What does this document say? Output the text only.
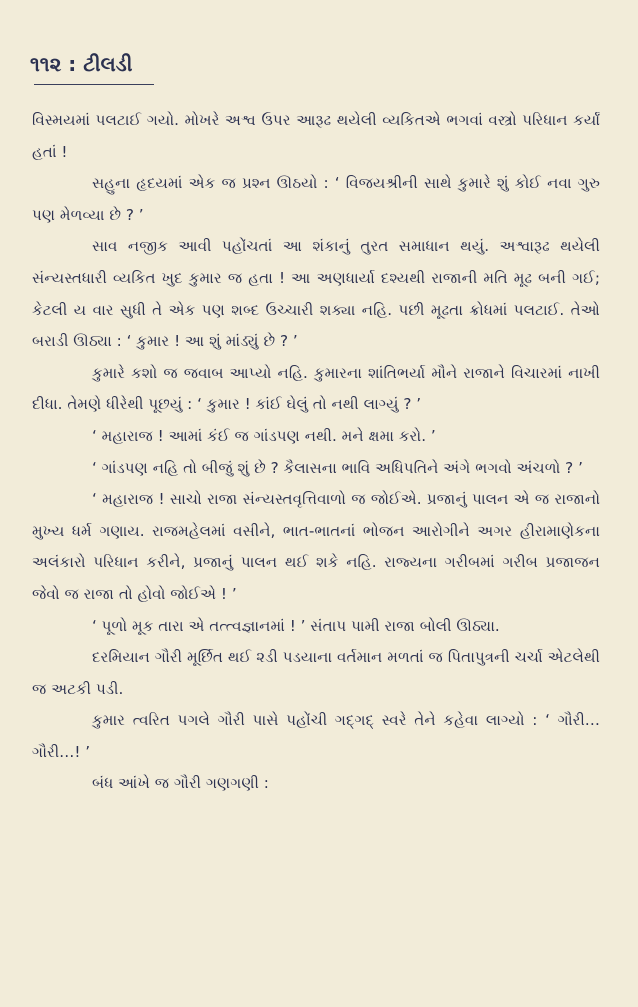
૧૧૨ : ટીલડી

વિસ્મયમાં પલટાઈ ગયો. મોખરે અશ્વ ઉપર આરૂઢ થયેલી વ્યકિતએ ભગવાં વસ્ત્રો પરિધાન કર્યાં હતાં !

સહુના હૃદયમાં એક જ પ્રશ્ન ઊઠયો : ‘ વિજયશ્રીની સાથે કુમારે શું કોઈ નવા ગુરુ પણ મેળવ્યા છે ? ’

સાવ નજીક આવી પહોંચતાં આ શંકાનું તુરત સમાધાન થયું. અશ્વારૂઢ થયેલી સંન્યસ્તધારી વ્યકિત ખુદ કુમાર જ હતા ! આ અણધાર્યા દશ્યથી રાજાની મતિ મૂઢ બની ગઈ; કેટલી ય વાર સુધી તે એક પણ શબ્દ ઉચ્ચારી શક્યા નહિ. પછી મૂઢતા ક્રોધમાં પલટાઈ. તેઓ બરાડી ઊઠ્યા : ‘ કુમાર ! આ શું માંડ્યું છે ? ’

કુમારે કશો જ જવાબ આપ્યો નહિ. કુમારના શાંતિભર્યા મૌને રાજાને વિચારમાં નાખી દીધા. તેમણે ધીરેથી પૂછયું : ‘ કુમાર ! કાંઈ ઘેલું તો નથી લાગ્યું ? ’

‘ મહારાજ ! આમાં કંઈ જ ગાંડપણ નથી. મને ક્ષમા કરો. ’

‘ ગાંડપણ નહિ તો બીજું શું છે ? કૈલાસના ભાવિ અધિપતિને અંગે ભગવો અંચળો ? ’

‘ મહારાજ ! સાચો રાજા સંન્યસ્તવૃત્તિવાળો જ જોઈએ. પ્રજાનું પાલન એ જ રાજાનો મુખ્ય ધર્મ ગણાય. રાજમહેલમાં વસીને, ભાત-ભાતનાં ભોજન આરોગીને અગર હીરામાણેકના અલંકારો પરિધાન કરીને, પ્રજાનું પાલન થઈ શકે નહિ. રાજ્યના ગરીબમાં ગરીબ પ્રજાજન જેવો જ રાજા તો હોવો જોઈએ ! ’

‘ પૂળો મૂક તારા એ તત્ત્વજ્ઞાનમાં ! ’ સંતાપ પામી રાજા બોલી ઊઠ્યા.

દરમિયાન ગૌરી મૂર્છિત થઈ ૨ડી પડયાના વર્તમાન મળતાં જ પિતાપુત્રની ચર્ચા એટલેથી જ અટકી પડી.

કુમાર ત્વરિત પગલે ગૌરી પાસે પહોંચી ગદ્ગદ્ સ્વરે તેને કહેવા લાગ્યો : ‘ ગૌરી…ગૌરી…! ’

બંધ આંખે જ ગૌરી ગણગણી :
